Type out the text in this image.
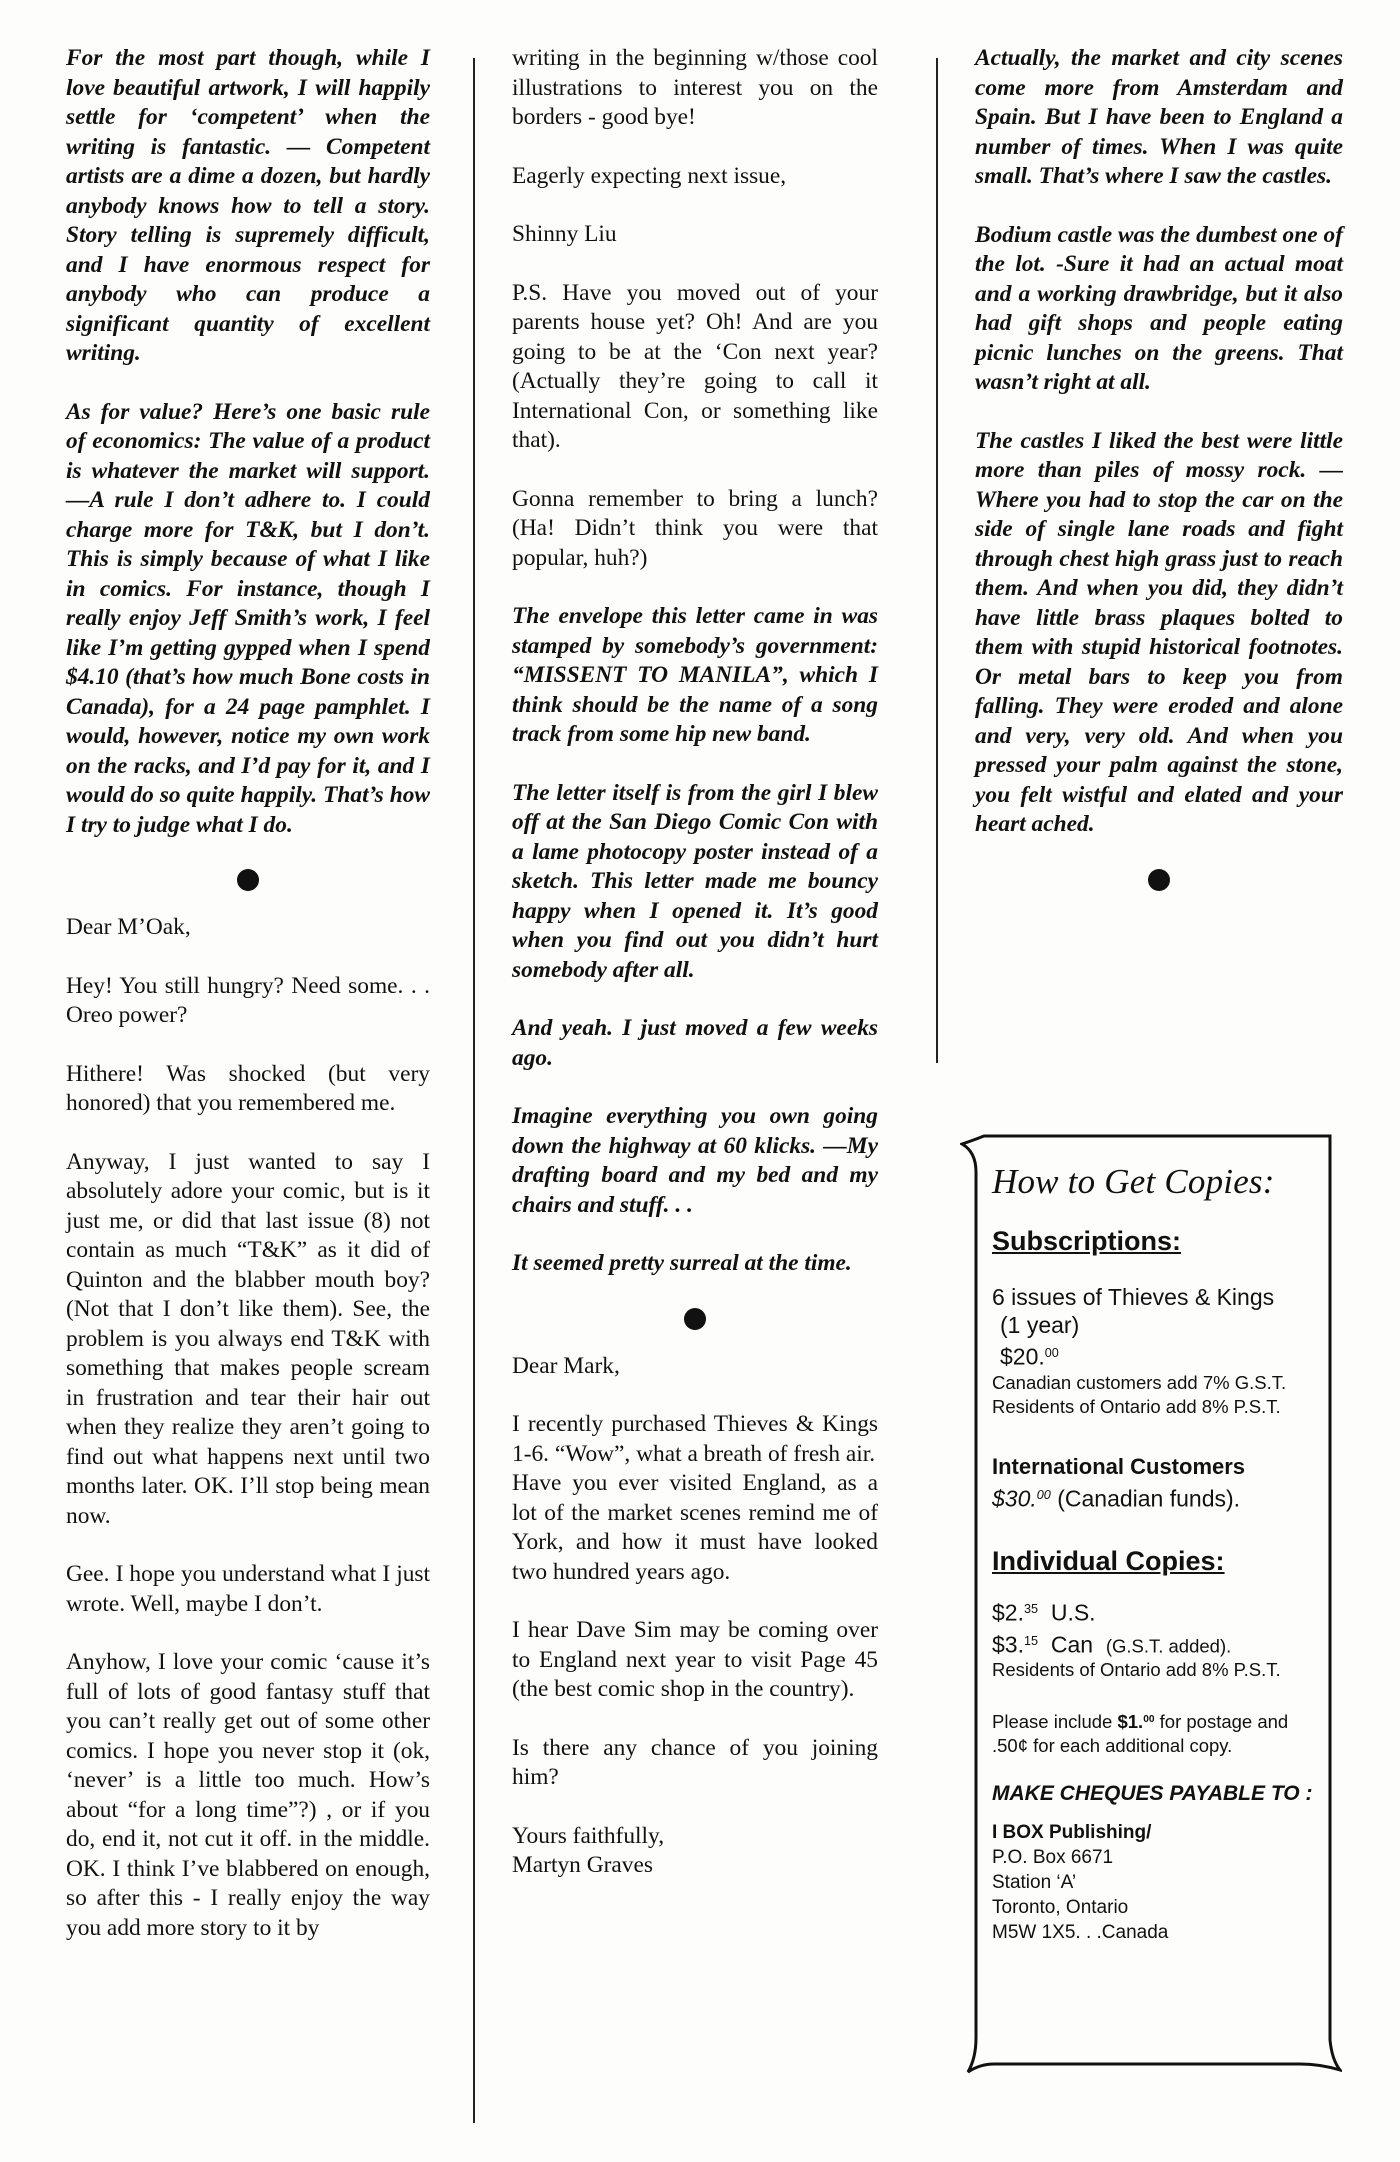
For the most part though, while I love beautiful artwork, I will happily settle for ‘competent’ when the writing is fantastic. — Competent artists are a dime a dozen, but hardly anybody knows how to tell a story. Story telling is supremely difficult, and I have enormous respect for anybody who can produce a significant quantity of excellent writing.

As for value? Here’s one basic rule of economics: The value of a product is whatever the market will support. —A rule I don’t adhere to. I could charge more for T&K, but I don’t. This is simply because of what I like in comics. For instance, though I really enjoy Jeff Smith’s work, I feel like I’m getting gypped when I spend $4.10 (that’s how much Bone costs in Canada), for a 24 page pamphlet. I would, however, notice my own work on the racks, and I’d pay for it, and I would do so quite happily. That’s how I try to judge what I do.

Dear M’Oak,

Hey! You still hungry? Need some. . . Oreo power?

Hithere! Was shocked (but very honored) that you remembered me.

Anyway, I just wanted to say I absolutely adore your comic, but is it just me, or did that last issue (8) not contain as much “T&K” as it did of Quinton and the blabber mouth boy? (Not that I don’t like them). See, the problem is you always end T&K with something that makes people scream in frustration and tear their hair out when they realize they aren’t going to find out what happens next until two months later. OK. I’ll stop being mean now.

Gee. I hope you understand what I just wrote. Well, maybe I don’t.

Anyhow, I love your comic ‘cause it’s full of lots of good fantasy stuff that you can’t really get out of some other comics. I hope you never stop it (ok, ‘never’ is a little too much. How’s about “for a long time”?) , or if you do, end it, not cut it off. in the middle. OK. I think I’ve blabbered on enough, so after this - I really enjoy the way you add more story to it by

writing in the beginning w/those cool illustrations to interest you on the borders - good bye!

Eagerly expecting next issue,

Shinny Liu

P.S. Have you moved out of your parents house yet? Oh! And are you going to be at the ‘Con next year? (Actually they’re going to call it International Con, or something like that).

Gonna remember to bring a lunch? (Ha! Didn’t think you were that popular, huh?)

The envelope this letter came in was stamped by somebody’s government: “MISSENT TO MANILA”, which I think should be the name of a song track from some hip new band.

The letter itself is from the girl I blew off at the San Diego Comic Con with a lame photocopy poster instead of a sketch. This letter made me bouncy happy when I opened it. It’s good when you find out you didn’t hurt somebody after all.

And yeah. I just moved a few weeks ago.

Imagine everything you own going down the highway at 60 klicks. —My drafting board and my bed and my chairs and stuff. . .

It seemed pretty surreal at the time.

Dear Mark,

I recently purchased Thieves & Kings 1-6. “Wow”, what a breath of fresh air.

Have you ever visited England, as a lot of the market scenes remind me of York, and how it must have looked two hundred years ago.

I hear Dave Sim may be coming over to England next year to visit Page 45 (the best comic shop in the country).

Is there any chance of you joining him?

Yours faithfully,

Martyn Graves

Actually, the market and city scenes come more from Amsterdam and Spain. But I have been to England a number of times. When I was quite small. That’s where I saw the castles.

Bodium castle was the dumbest one of the lot. -Sure it had an actual moat and a working drawbridge, but it also had gift shops and people eating picnic lunches on the greens. That wasn’t right at all.

The castles I liked the best were little more than piles of mossy rock. —Where you had to stop the car on the side of single lane roads and fight through chest high grass just to reach them. And when you did, they didn’t have little brass plaques bolted to them with stupid historical footnotes. Or metal bars to keep you from falling. They were eroded and alone and very, very old. And when you pressed your palm against the stone, you felt wistful and elated and your heart ached.

How to Get Copies:
Subscriptions:
6 issues of Thieves & Kings
(1 year)
$20.00
Canadian customers add 7% G.S.T.
Residents of Ontario add 8% P.S.T.
International Customers
$30.00 (Canadian funds).
Individual Copies:
$2.35 U.S.
$3.15 Can (G.S.T. added).
Residents of Ontario add 8% P.S.T.
Please include $1.00 for postage and
.50¢ for each additional copy.
MAKE CHEQUES PAYABLE TO :
I BOX Publishing/
P.O. Box 6671
Station ‘A’
Toronto, Ontario
M5W 1X5. . .Canada
